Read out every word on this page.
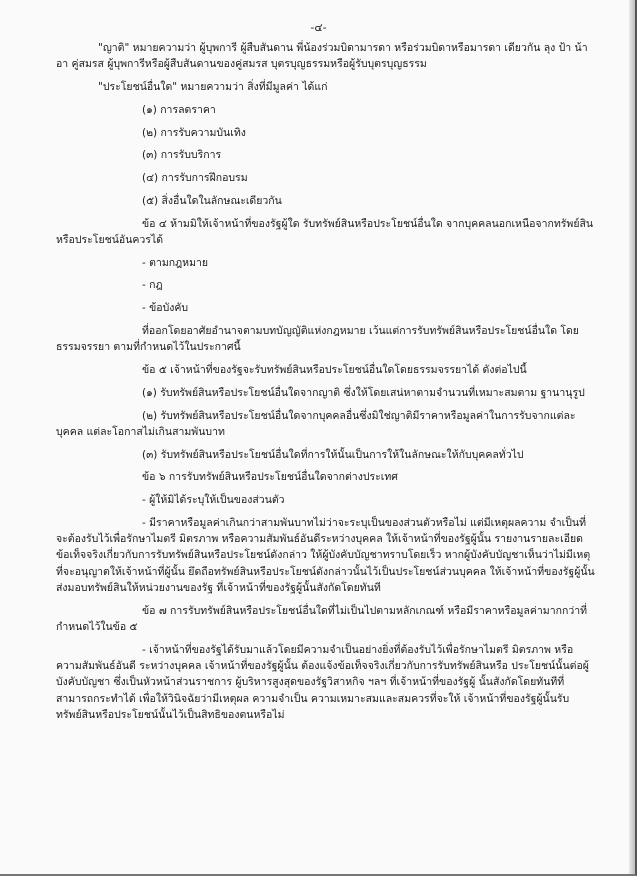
-๔-

"ญาติ" หมายความว่า ผู้บุพการี ผู้สืบสันดาน พี่น้องร่วมบิดามารดา หรือร่วมบิดาหรือมารดา เดียวกัน ลุง ป้า น้า อา คู่สมรส ผู้บุพการีหรือผู้สืบสันดานของคู่สมรส บุตรบุญธรรมหรือผู้รับบุตรบุญธรรม

"ประโยชน์อื่นใด" หมายความว่า สิ่งที่มีมูลค่า ได้แก่

(๑) การลดราคา

(๒) การรับความบันเทิง

(๓) การรับบริการ

(๔) การรับการฝึกอบรม

(๕) สิ่งอื่นใดในลักษณะเดียวกัน

ข้อ ๔ ห้ามมิให้เจ้าหน้าที่ของรัฐผู้ใด รับทรัพย์สินหรือประโยชน์อื่นใด จากบุคคลนอกเหนือจากทรัพย์สินหรือประโยชน์อันควรได้

- ตามกฎหมาย

- กฎ

- ข้อบังคับ

ที่ออกโดยอาศัยอำนาจตามบทบัญญัติแห่งกฎหมาย เว้นแต่การรับทรัพย์สินหรือประโยชน์อื่นใด โดยธรรมจรรยา ตามที่กำหนดไว้ในประกาศนี้

ข้อ ๕ เจ้าหน้าที่ของรัฐจะรับทรัพย์สินหรือประโยชน์อื่นใดโดยธรรมจรรยาได้ ดังต่อไปนี้

(๑) รับทรัพย์สินหรือประโยชน์อื่นใดจากญาติ ซึ่งให้โดยเสน่หาตามจำนวนที่เหมาะสมตาม ฐานานุรูป

(๒) รับทรัพย์สินหรือประโยชน์อื่นใดจากบุคคลอื่นซึ่งมิใช่ญาติมีราคาหรือมูลค่าในการรับจากแต่ละบุคคล แต่ละโอกาสไม่เกินสามพันบาท

(๓) รับทรัพย์สินหรือประโยชน์อื่นใดที่การให้นั้นเป็นการให้ในลักษณะให้กับบุคคลทั่วไป

ข้อ ๖ การรับทรัพย์สินหรือประโยชน์อื่นใดจากต่างประเทศ

- ผู้ให้มิได้ระบุให้เป็นของส่วนตัว

- มีราคาหรือมูลค่าเกินกว่าสามพันบาทไม่ว่าจะระบุเป็นของส่วนตัวหรือไม่ แต่มีเหตุผลความ จำเป็นที่จะต้องรับไว้เพื่อรักษาไมตรี มิตรภาพ หรือความสัมพันธ์อันดีระหว่างบุคคล ให้เจ้าหน้าที่ของรัฐผู้นั้น รายงานรายละเอียดข้อเท็จจริงเกี่ยวกับการรับทรัพย์สินหรือประโยชน์ดังกล่าว ให้ผู้บังคับบัญชาทราบโดยเร็ว หากผู้บังคับบัญชาเห็นว่าไม่มีเหตุที่จะอนุญาตให้เจ้าหน้าที่ผู้นั้น ยึดถือทรัพย์สินหรือประโยชน์ดังกล่าวนั้นไว้เป็นประโยชน์ส่วนบุคคล ให้เจ้าหน้าที่ของรัฐผู้นั้นส่งมอบทรัพย์สินให้หน่วยงานของรัฐ ที่เจ้าหน้าที่ของรัฐผู้นั้นสังกัดโดยทันที

ข้อ ๗ การรับทรัพย์สินหรือประโยชน์อื่นใดที่ไม่เป็นไปตามหลักเกณฑ์ หรือมีราคาหรือมูลค่ามากกว่าที่กำหนดไว้ในข้อ ๕

- เจ้าหน้าที่ของรัฐได้รับมาแล้วโดยมีความจำเป็นอย่างยิ่งที่ต้องรับไว้เพื่อรักษาไมตรี มิตรภาพ หรือความสัมพันธ์อันดี ระหว่างบุคคล เจ้าหน้าที่ของรัฐผู้นั้น ต้องแจ้งข้อเท็จจริงเกี่ยวกับการรับทรัพย์สินหรือ ประโยชน์นั้นต่อผู้บังคับบัญชา ซึ่งเป็นหัวหน้าส่วนราชการ ผู้บริหารสูงสุดของรัฐวิสาหกิจ ฯลฯ ที่เจ้าหน้าที่ของรัฐผู้ นั้นสังกัดโดยทันทีที่สามารถกระทำได้ เพื่อให้วินิจฉัยว่ามีเหตุผล ความจำเป็น ความเหมาะสมและสมควรที่จะให้ เจ้าหน้าที่ของรัฐผู้นั้นรับทรัพย์สินหรือประโยชน์นั้นไว้เป็นสิทธิของตนหรือไม่
